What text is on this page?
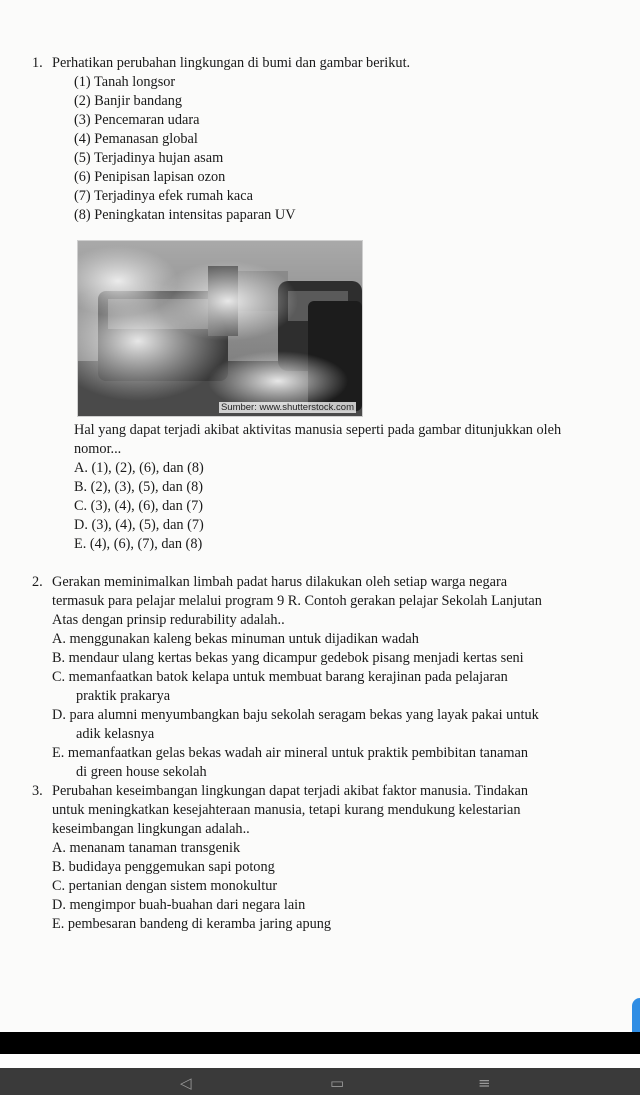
1. Perhatikan perubahan lingkungan di bumi dan gambar berikut.
(1) Tanah longsor
(2) Banjir bandang
(3) Pencemaran udara
(4) Pemanasan global
(5) Terjadinya hujan asam
(6) Penipisan lapisan ozon
(7) Terjadinya efek rumah kaca
(8) Peningkatan intensitas paparan UV
Sumber: www.shutterstock.com
Hal yang dapat terjadi akibat aktivitas manusia seperti pada gambar ditunjukkan oleh
nomor...
A. (1), (2), (6), dan (8)
B. (2), (3), (5), dan (8)
C. (3), (4), (6), dan (7)
D. (3), (4), (5), dan (7)
E. (4), (6), (7), dan (8)
2. Gerakan meminimalkan limbah padat harus dilakukan oleh setiap warga negara
termasuk para pelajar melalui program 9 R. Contoh gerakan pelajar Sekolah Lanjutan
Atas dengan prinsip redurability adalah..
A. menggunakan kaleng bekas minuman untuk dijadikan wadah
B. mendaur ulang kertas bekas yang dicampur gedebok pisang menjadi kertas seni
C. memanfaatkan batok kelapa untuk membuat barang kerajinan pada pelajaran
praktik prakarya
D. para alumni menyumbangkan baju sekolah seragam bekas yang layak pakai untuk
adik kelasnya
E. memanfaatkan gelas bekas wadah air mineral untuk praktik pembibitan tanaman
di green house sekolah
3. Perubahan keseimbangan lingkungan dapat terjadi akibat faktor manusia. Tindakan
untuk meningkatkan kesejahteraan manusia, tetapi kurang mendukung kelestarian
keseimbangan lingkungan adalah..
A. menanam tanaman transgenik
B. budidaya penggemukan sapi potong
C. pertanian dengan sistem monokultur
D. mengimpor buah-buahan dari negara lain
E. pembesaran bandeng di keramba jaring apung
◁	▭	≡
